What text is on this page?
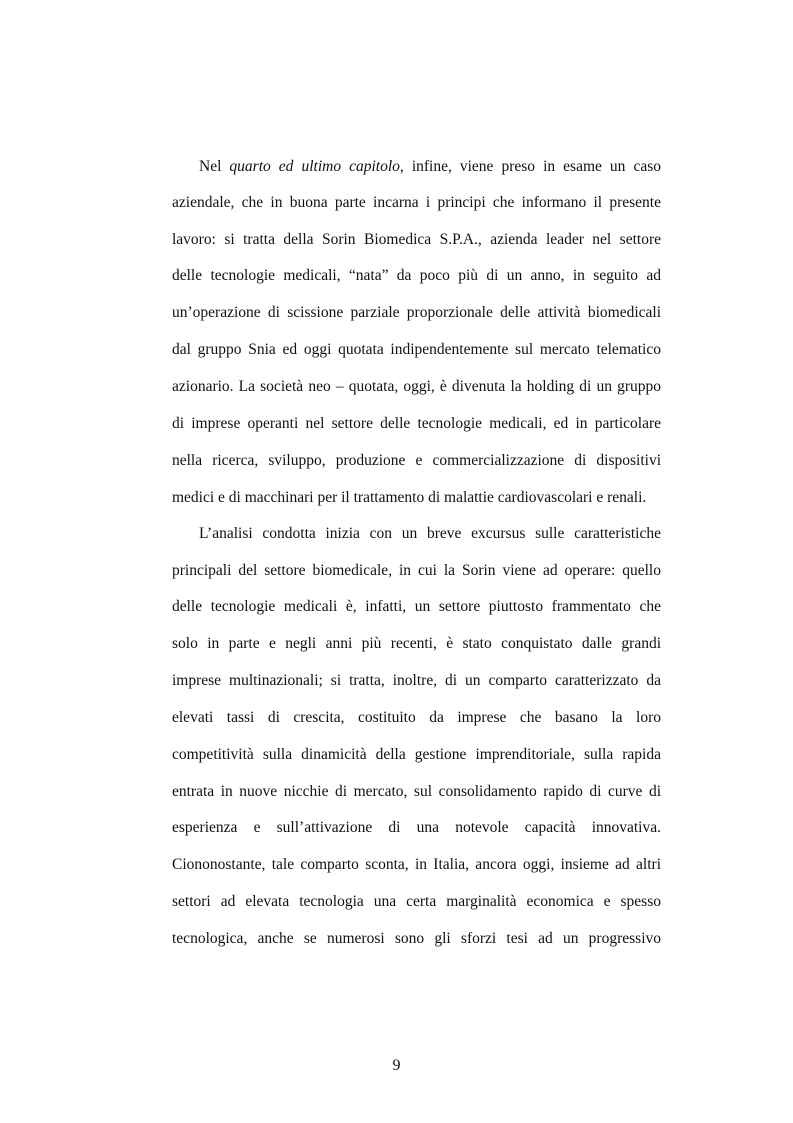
Nel quarto ed ultimo capitolo, infine, viene preso in esame un caso
aziendale, che in buona parte incarna i principi che informano il presente
lavoro: si tratta della Sorin Biomedica S.P.A., azienda leader nel settore
delle tecnologie medicali, “nata” da poco più di un anno, in seguito ad
un’operazione di scissione parziale proporzionale delle attività biomedicali
dal gruppo Snia ed oggi quotata indipendentemente sul mercato telematico
azionario. La società neo – quotata, oggi, è divenuta la holding di un gruppo
di imprese operanti nel settore delle tecnologie medicali, ed in particolare
nella ricerca, sviluppo, produzione e commercializzazione di dispositivi
medici e di macchinari per il trattamento di malattie cardiovascolari e renali.
L’analisi condotta inizia con un breve excursus sulle caratteristiche
principali del settore biomedicale, in cui la Sorin viene ad operare: quello
delle tecnologie medicali è, infatti, un settore piuttosto frammentato che
solo in parte e negli anni più recenti, è stato conquistato dalle grandi
imprese multinazionali; si tratta, inoltre, di un comparto caratterizzato da
elevati tassi di crescita, costituito da imprese che basano la loro
competitività sulla dinamicità della gestione imprenditoriale, sulla rapida
entrata in nuove nicchie di mercato, sul consolidamento rapido di curve di
esperienza e sull’attivazione di una notevole capacità innovativa.
Ciononostante, tale comparto sconta, in Italia, ancora oggi, insieme ad altri
settori ad elevata tecnologia una certa marginalità economica e spesso
tecnologica, anche se numerosi sono gli sforzi tesi ad un progressivo
9
